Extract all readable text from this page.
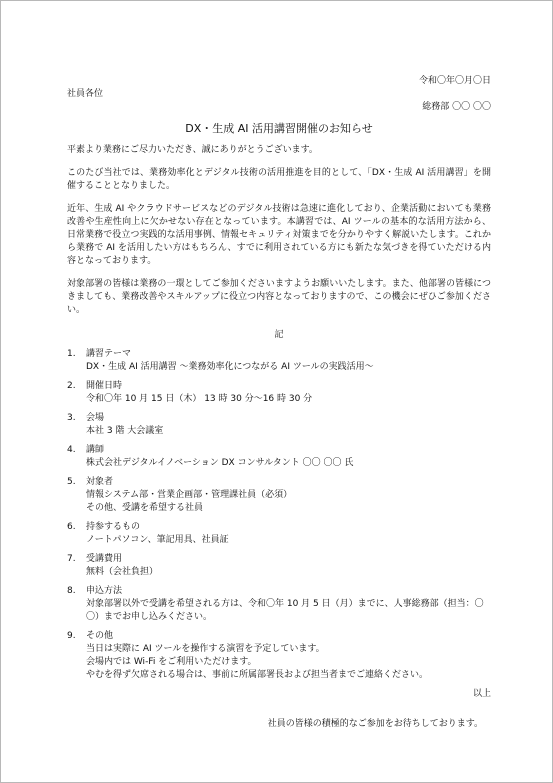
令和〇年〇月〇日
社員各位
総務部 〇〇 〇〇
DX・生成 AI 活用講習開催のお知らせ

平素より業務にご尽力いただき、誠にありがとうございます。

このたび当社では、業務効率化とデジタル技術の活用推進を目的として、「DX・生成 AI 活用講習」を開催することとなりました。

近年、生成 AI やクラウドサービスなどのデジタル技術は急速に進化しており、企業活動においても業務改善や生産性向上に欠かせない存在となっています。本講習では、AI ツールの基本的な活用方法から、日常業務で役立つ実践的な活用事例、情報セキュリティ対策までを分かりやすく解説いたします。これから業務で AI を活用したい方はもちろん、すでに利用されている方にも新たな気づきを得ていただける内容となっております。

対象部署の皆様は業務の一環としてご参加くださいますようお願いいたします。また、他部署の皆様につきましても、業務改善やスキルアップに役立つ内容となっておりますので、この機会にぜひご参加ください。

記
1.	講習テーマ
DX・生成 AI 活用講習 ～業務効率化につながる AI ツールの実践活用～
2.	開催日時
令和〇年 10 月 15 日（木） 13 時 30 分～16 時 30 分
3.	会場
本社 3 階 大会議室
4.	講師
株式会社デジタルイノベーション DX コンサルタント 〇〇 〇〇 氏
5.	対象者
情報システム部・営業企画部・管理課社員（必須）
その他、受講を希望する社員
6.	持参するもの
ノートパソコン、筆記用具、社員証
7.	受講費用
無料（会社負担）
8.	申込方法
対象部署以外で受講を希望される方は、令和〇年 10 月 5 日（月）までに、人事総務部（担当：〇〇）までお申し込みください。
9.	その他
当日は実際に AI ツールを操作する演習を予定しています。
会場内では Wi-Fi をご利用いただけます。
やむを得ず欠席される場合は、事前に所属部署長および担当者までご連絡ください。
以上
社員の皆様の積極的なご参加をお待ちしております。
